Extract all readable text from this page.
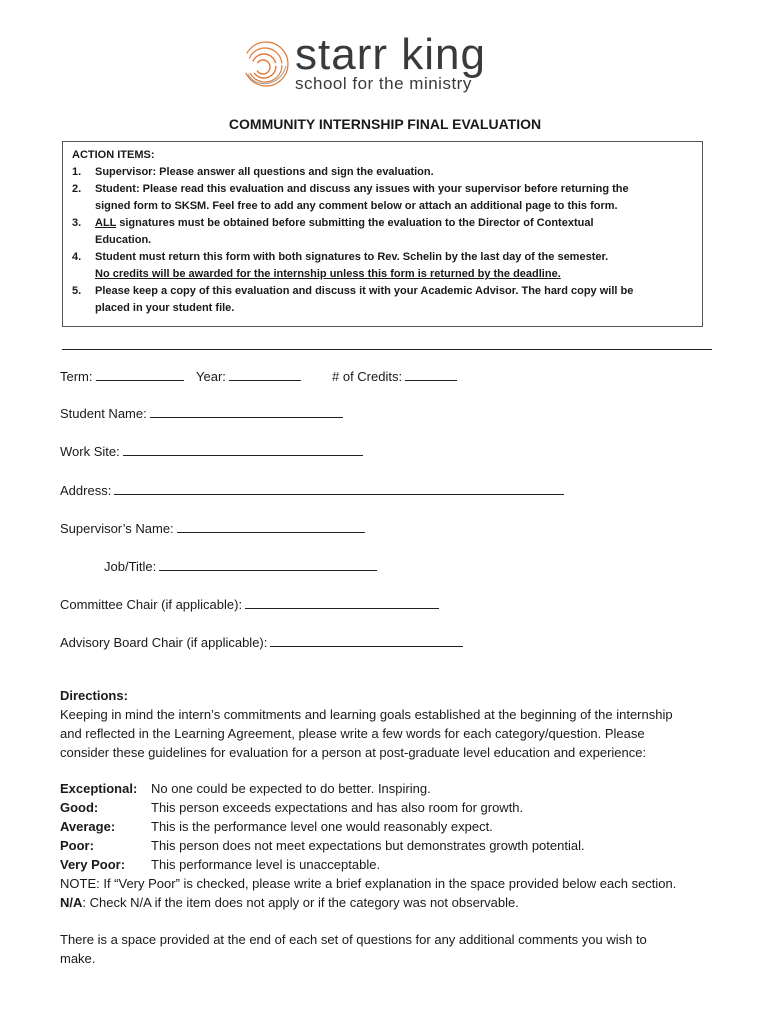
starr king
school for the ministry
COMMUNITY INTERNSHIP FINAL EVALUATION
ACTION ITEMS:
1. Supervisor: Please answer all questions and sign the evaluation.
2. Student: Please read this evaluation and discuss any issues with your supervisor before returning the
signed form to SKSM. Feel free to add any comment below or attach an additional page to this form.
3. ALL signatures must be obtained before submitting the evaluation to the Director of Contextual
Education.
4. Student must return this form with both signatures to Rev. Schelin by the last day of the semester.
No credits will be awarded for the internship unless this form is returned by the deadline.
5. Please keep a copy of this evaluation and discuss it with your Academic Advisor. The hard copy will be
placed in your student file.
Term:	Year:	# of Credits:
Student Name:
Work Site:
Address:
Supervisor’s Name:
Job/Title:
Committee Chair (if applicable):
Advisory Board Chair (if applicable):
Directions:
Keeping in mind the intern’s commitments and learning goals established at the beginning of the internship
and reflected in the Learning Agreement, please write a few words for each category/question. Please
consider these guidelines for evaluation for a person at post-graduate level education and experience:
Exceptional: No one could be expected to do better. Inspiring.
Good:	This person exceeds expectations and has also room for growth.
Average:	This is the performance level one would reasonably expect.
Poor:	This person does not meet expectations but demonstrates growth potential.
Very Poor: This performance level is unacceptable.
NOTE: If “Very Poor” is checked, please write a brief explanation in the space provided below each section.
N/A: Check N/A if the item does not apply or if the category was not observable.
There is a space provided at the end of each set of questions for any additional comments you wish to
make.
